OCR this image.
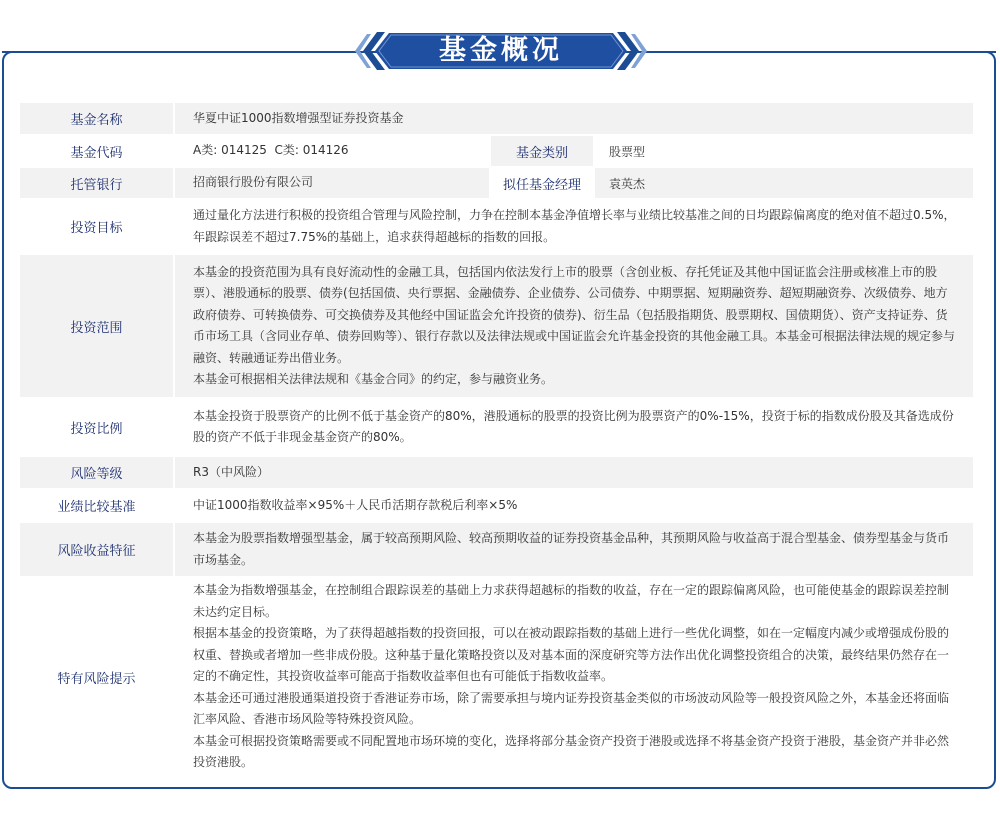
基金概况
基金名称	华夏中证1000指数增强型证券投资基金		
基金代码	A类: 014125  C类: 014126	基金类别	股票型
托管银行	招商银行股份有限公司	拟任基金经理	袁英杰
投资目标	通过量化方法进行积极的投资组合管理与风险控制，力争在控制本基金净值增长率与业绩比较基准之间的日均跟踪偏离度的绝对值不超过0.5%，年跟踪误差不超过7.75%的基础上，追求获得超越标的指数的回报。		
投资范围	本基金的投资范围为具有良好流动性的金融工具，包括国内依法发行上市的股票（含创业板、存托凭证及其他中国证监会注册或核准上市的股票）、港股通标的股票、债券(包括国债、央行票据、金融债券、企业债券、公司债券、中期票据、短期融资券、超短期融资券、次级债券、地方政府债券、可转换债券、可交换债券及其他经中国证监会允许投资的债券)、衍生品（包括股指期货、股票期权、国债期货）、资产支持证券、货币市场工具（含同业存单、债券回购等）、银行存款以及法律法规或中国证监会允许基金投资的其他金融工具。本基金可根据法律法规的规定参与融资、转融通证券出借业务。
本基金可根据相关法律法规和《基金合同》的约定，参与融资业务。		

投资比例	本基金投资于股票资产的比例不低于基金资产的80%，港股通标的股票的投资比例为股票资产的0%-15%，投资于标的指数成份股及其备选成份股的资产不低于非现金基金资产的80%。		
风险等级	R3（中风险）		
业绩比较基准	中证1000指数收益率×95%＋人民币活期存款税后利率×5%		
风险收益特征	本基金为股票指数增强型基金，属于较高预期风险、较高预期收益的证券投资基金品种，其预期风险与收益高于混合型基金、债券型基金与货币市场基金。		
特有风险提示	本基金为指数增强基金，在控制组合跟踪误差的基础上力求获得超越标的指数的收益，存在一定的跟踪偏离风险，也可能使基金的跟踪误差控制未达约定目标。
根据本基金的投资策略，为了获得超越指数的投资回报，可以在被动跟踪指数的基础上进行一些优化调整，如在一定幅度内减少或增强成份股的权重、替换或者增加一些非成份股。这种基于量化策略投资以及对基本面的深度研究等方法作出优化调整投资组合的决策，最终结果仍然存在一定的不确定性，其投资收益率可能高于指数收益率但也有可能低于指数收益率。
本基金还可通过港股通渠道投资于香港证券市场，除了需要承担与境内证券投资基金类似的市场波动风险等一般投资风险之外，本基金还将面临汇率风险、香港市场风险等特殊投资风险。
本基金可根据投资策略需要或不同配置地市场环境的变化，选择将部分基金资产投资于港股或选择不将基金资产投资于港股，基金资产并非必然投资港股。		
